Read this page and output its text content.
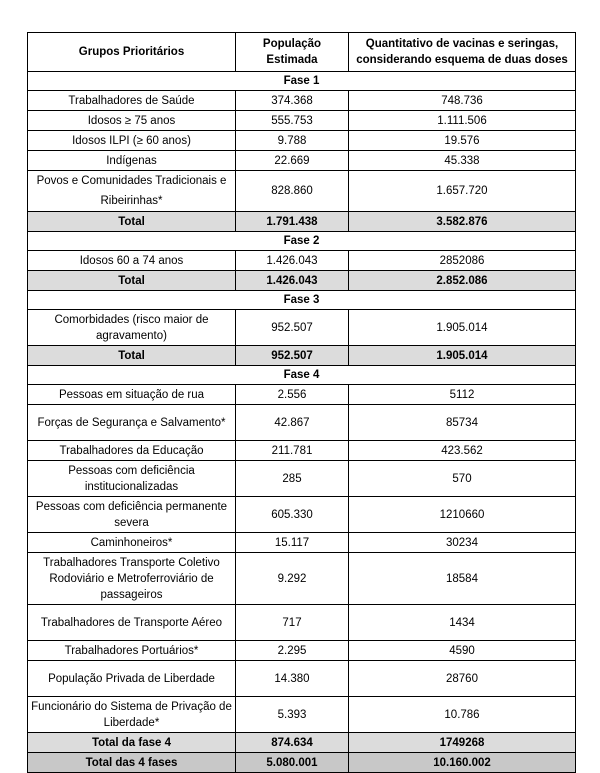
Grupos Prioritários	População Estimada	Quantitativo de vacinas e seringas, considerando esquema de duas doses
Fase 1		
Trabalhadores de Saúde	374.368	748.736
Idosos ≥ 75 anos	555.753	1.111.506
Idosos ILPI (≥ 60 anos)	9.788	19.576
Indígenas	22.669	45.338
Povos e Comunidades Tradicionais e Ribeirinhas*	828.860	1.657.720
Total	1.791.438	3.582.876
Fase 2		
Idosos 60 a 74 anos	1.426.043	2852086
Total	1.426.043	2.852.086
Fase 3		
Comorbidades (risco maior de agravamento)	952.507	1.905.014
Total	952.507	1.905.014
Fase 4		
Pessoas em situação de rua	2.556	5112
Forças de Segurança e Salvamento*	42.867	85734
Trabalhadores da Educação	211.781	423.562
Pessoas com deficiência institucionalizadas	285	570
Pessoas com deficiência permanente severa	605.330	1210660
Caminhoneiros*	15.117	30234
Trabalhadores Transporte Coletivo Rodoviário e Metroferroviário de passageiros	9.292	18584
Trabalhadores de Transporte Aéreo	717	1434
Trabalhadores Portuários*	2.295	4590
População Privada de Liberdade	14.380	28760
Funcionário do Sistema de Privação de Liberdade*	5.393	10.786
Total da fase 4	874.634	1749268
Total das 4 fases	5.080.001	10.160.002
